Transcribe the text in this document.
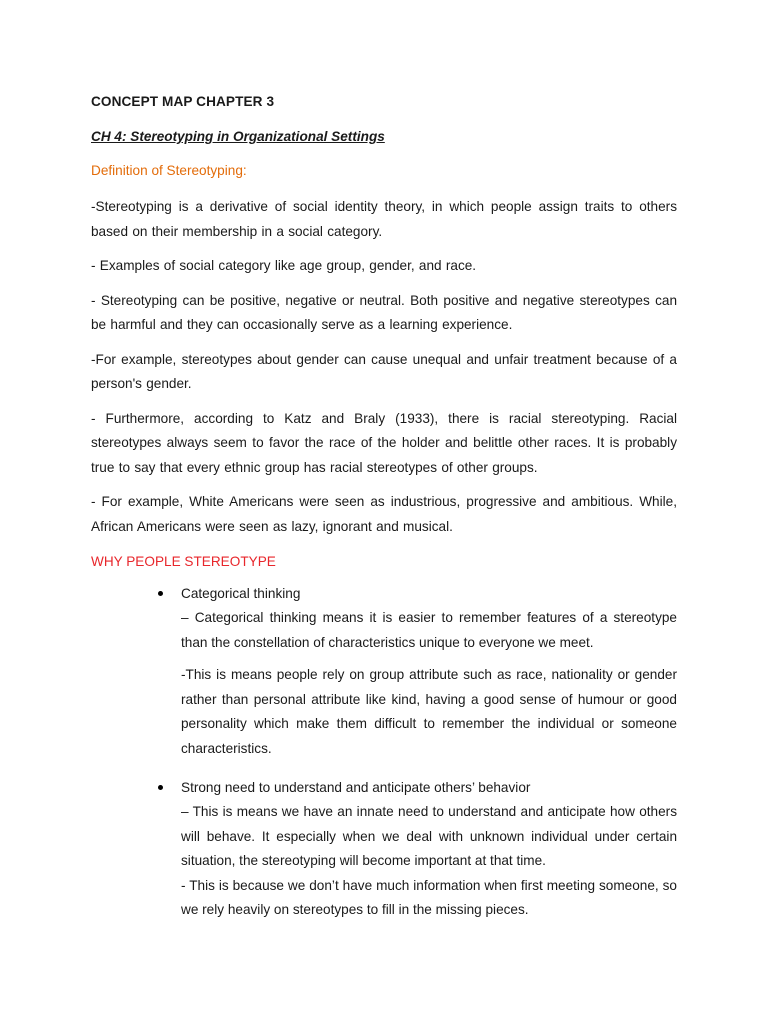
CONCEPT MAP CHAPTER 3
CH 4: Stereotyping in Organizational Settings
Definition of Stereotyping:

-Stereotyping is a derivative of social identity theory, in which people assign traits to others based on their membership in a social category.

- Examples of social category like age group, gender, and race.

- Stereotyping can be positive, negative or neutral. Both positive and negative stereotypes can be harmful and they can occasionally serve as a learning experience.

-For example, stereotypes about gender can cause unequal and unfair treatment because of a person's gender.

- Furthermore, according to Katz and Braly (1933), there is racial stereotyping. Racial stereotypes always seem to favor the race of the holder and belittle other races. It is probably true to say that every ethnic group has racial stereotypes of other groups.

- For example, White Americans were seen as industrious, progressive and ambitious. While, African Americans were seen as lazy, ignorant and musical.

WHY PEOPLE STEREOTYPE
Categorical thinking

– Categorical thinking means it is easier to remember features of a stereotype than the constellation of characteristics unique to everyone we meet.

-This is means people rely on group attribute such as race, nationality or gender rather than personal attribute like kind, having a good sense of humour or good personality which make them difficult to remember the individual or someone characteristics.

Strong need to understand and anticipate others’ behavior

– This is means we have an innate need to understand and anticipate how others will behave. It especially when we deal with unknown individual under certain situation, the stereotyping will become important at that time.

- This is because we don’t have much information when first meeting someone, so we rely heavily on stereotypes to fill in the missing pieces.
